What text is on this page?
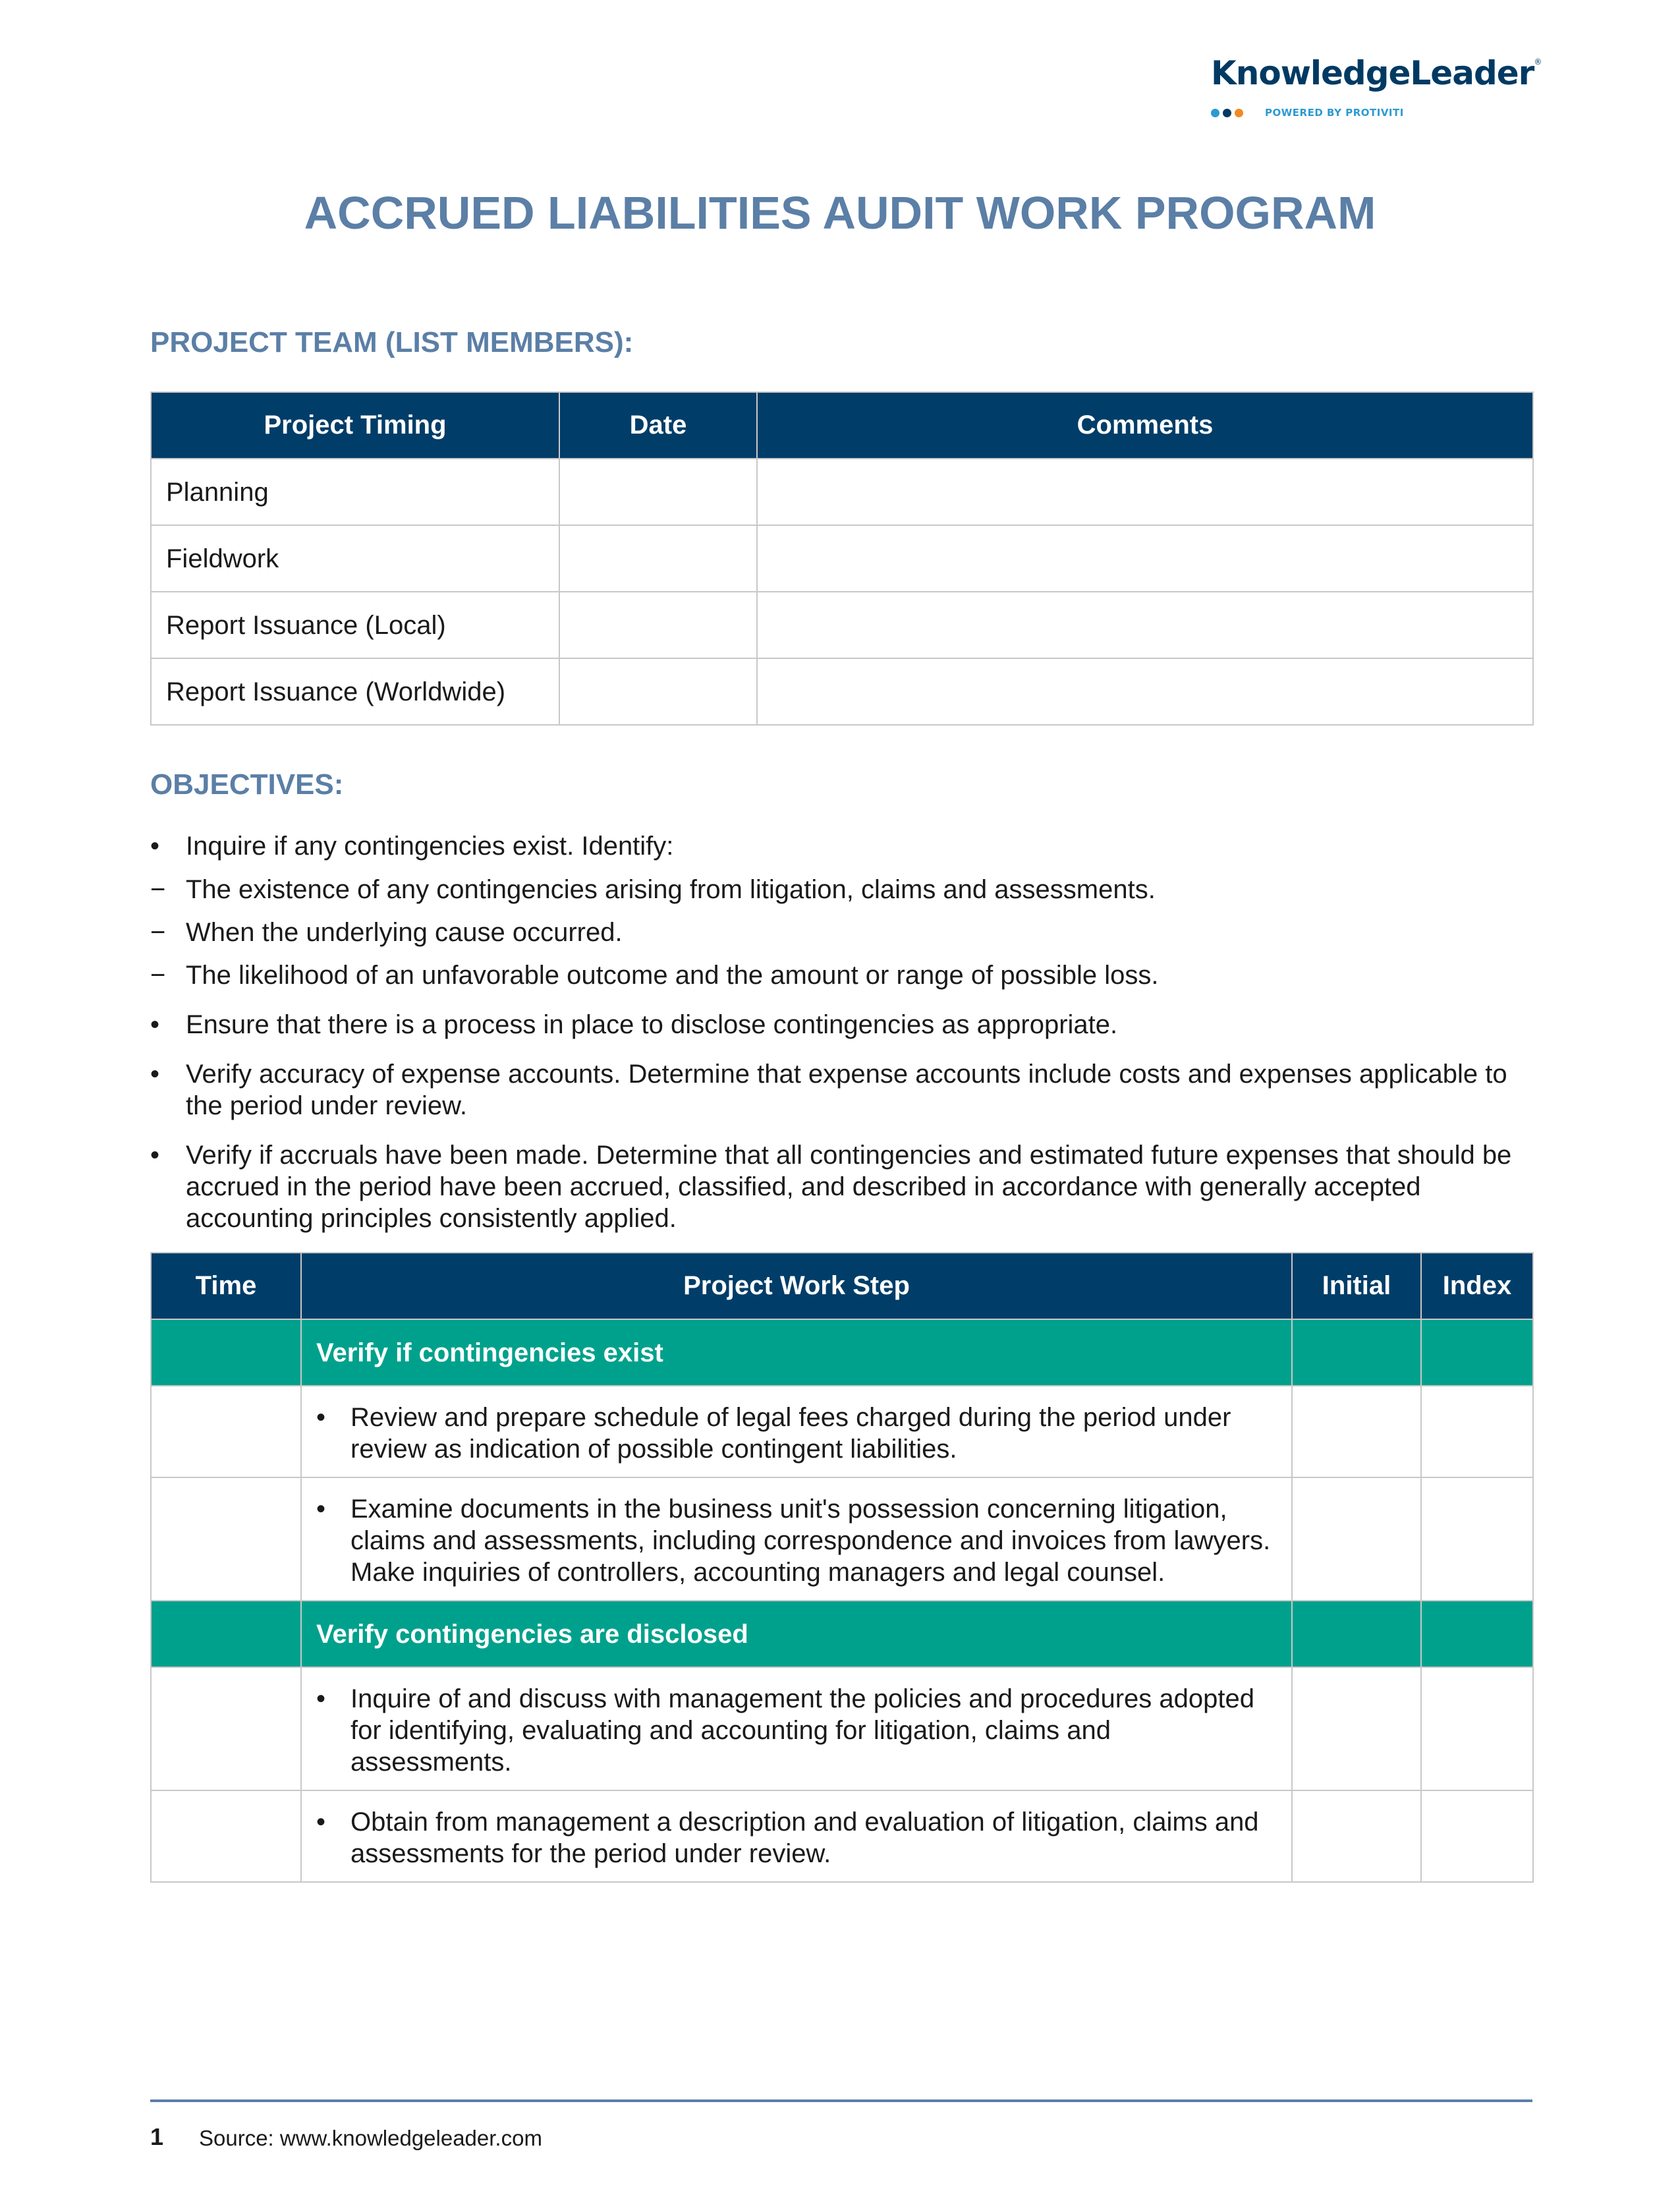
KnowledgeLeader®
POWERED BY PROTIVITI
ACCRUED LIABILITIES AUDIT WORK PROGRAM
PROJECT TEAM (LIST MEMBERS):
Project Timing	Date	Comments
Planning		
Fieldwork		
Report Issuance (Local)		
Report Issuance (Worldwide)		
OBJECTIVES:
• Inquire if any contingencies exist. Identify:
− The existence of any contingencies arising from litigation, claims and assessments.
− When the underlying cause occurred.
− The likelihood of an unfavorable outcome and the amount or range of possible loss.
• Ensure that there is a process in place to disclose contingencies as appropriate.
• Verify accuracy of expense accounts. Determine that expense accounts include costs and expenses applicable to the period under review.
• Verify if accruals have been made. Determine that all contingencies and estimated future expenses that should be accrued in the period have been accrued, classified, and described in accordance with generally accepted accounting principles consistently applied.
Time	Project Work Step	Initial	Index
	Verify if contingencies exist		

	• Review and prepare schedule of legal fees charged during the period under review as indication of possible contingent liabilities.		

	• Examine documents in the business unit's possession concerning litigation, claims and assessments, including correspondence and invoices from lawyers. Make inquiries of controllers, accounting managers and legal counsel.		

	Verify contingencies are disclosed		

	• Inquire of and discuss with management the policies and procedures adopted for identifying, evaluating and accounting for litigation, claims and assessments.		

	• Obtain from management a description and evaluation of litigation, claims and assessments for the period under review.		

1 Source: www.knowledgeleader.com
